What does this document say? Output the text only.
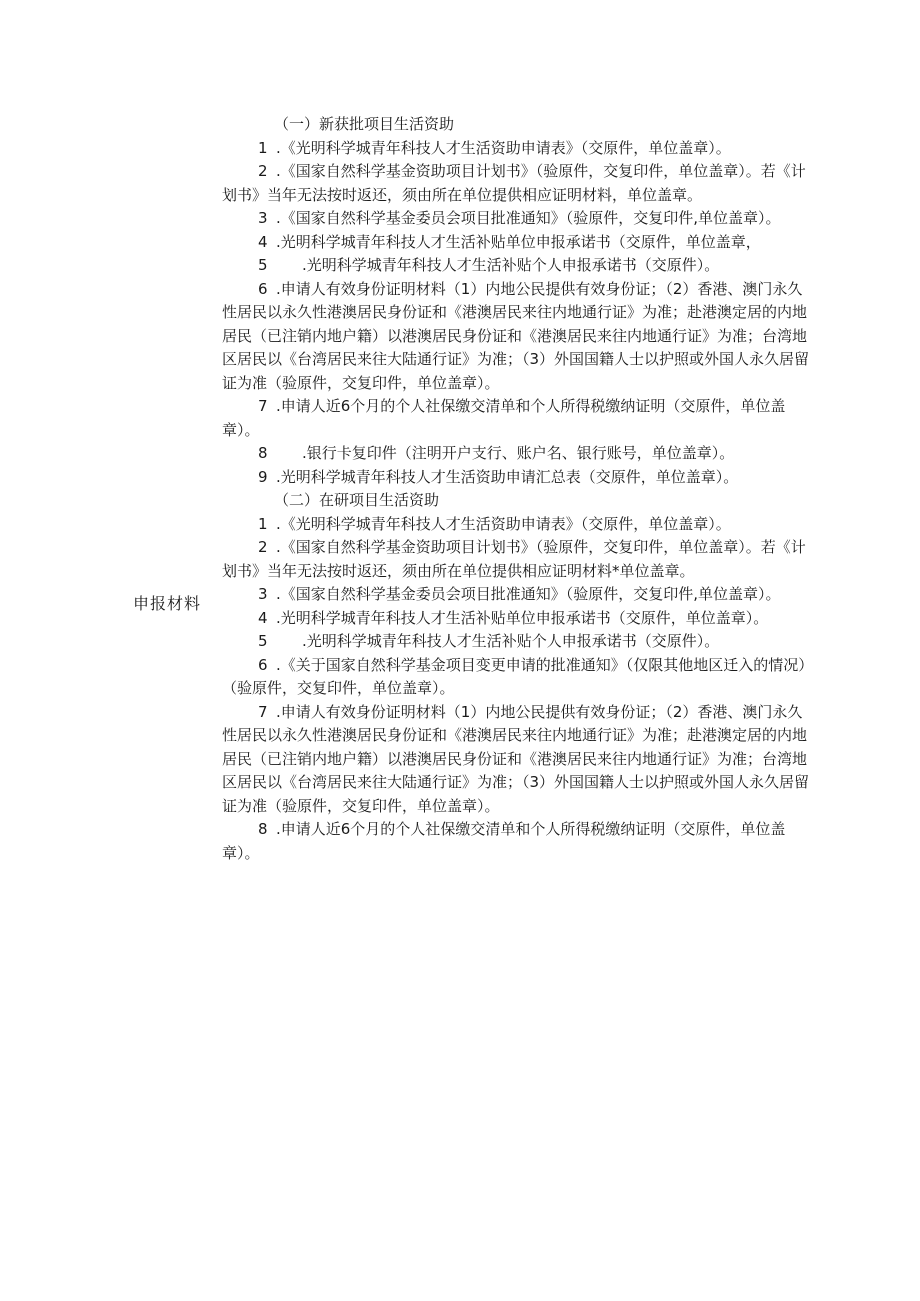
申报材料

（一）新获批项目生活资助

1 .《光明科学城青年科技人才生活资助申请表》（交原件，单位盖章）。

2 .《国家自然科学基金资助项目计划书》（验原件，交复印件，单位盖章）。若《计划书》当年无法按时返还，须由所在单位提供相应证明材料，单位盖章。

3 .《国家自然科学基金委员会项目批准通知》（验原件，交复印件,单位盖章）。

4 .光明科学城青年科技人才生活补贴单位申报承诺书（交原件，单位盖章，

5 .光明科学城青年科技人才生活补贴个人申报承诺书（交原件）。

6 .申请人有效身份证明材料（1）内地公民提供有效身份证；（2）香港、澳门永久性居民以永久性港澳居民身份证和《港澳居民来往内地通行证》为准；赴港澳定居的内地居民（已注销内地户籍）以港澳居民身份证和《港澳居民来往内地通行证》为准；台湾地区居民以《台湾居民来往大陆通行证》为准；（3）外国国籍人士以护照或外国人永久居留证为准（验原件，交复印件，单位盖章）。

7 .申请人近6个月的个人社保缴交清单和个人所得税缴纳证明（交原件，单位盖章）。

8 .银行卡复印件（注明开户支行、账户名、银行账号，单位盖章）。

9 .光明科学城青年科技人才生活资助申请汇总表（交原件，单位盖章）。

（二）在研项目生活资助

1 .《光明科学城青年科技人才生活资助申请表》（交原件，单位盖章）。

2 .《国家自然科学基金资助项目计划书》（验原件，交复印件，单位盖章）。若《计划书》当年无法按时返还，须由所在单位提供相应证明材料*单位盖章。

3 .《国家自然科学基金委员会项目批准通知》（验原件，交复印件,单位盖章）。

4 .光明科学城青年科技人才生活补贴单位申报承诺书（交原件，单位盖章）。

5 .光明科学城青年科技人才生活补贴个人申报承诺书（交原件）。

6 .《关于国家自然科学基金项目变更申请的批准通知》（仅限其他地区迁入的情况）（验原件，交复印件，单位盖章）。

7 .申请人有效身份证明材料（1）内地公民提供有效身份证；（2）香港、澳门永久性居民以永久性港澳居民身份证和《港澳居民来往内地通行证》为准；赴港澳定居的内地居民（已注销内地户籍）以港澳居民身份证和《港澳居民来往内地通行证》为准；台湾地区居民以《台湾居民来往大陆通行证》为准；（3）外国国籍人士以护照或外国人永久居留证为准（验原件，交复印件，单位盖章）。

8 .申请人近6个月的个人社保缴交清单和个人所得税缴纳证明（交原件，单位盖章）。
